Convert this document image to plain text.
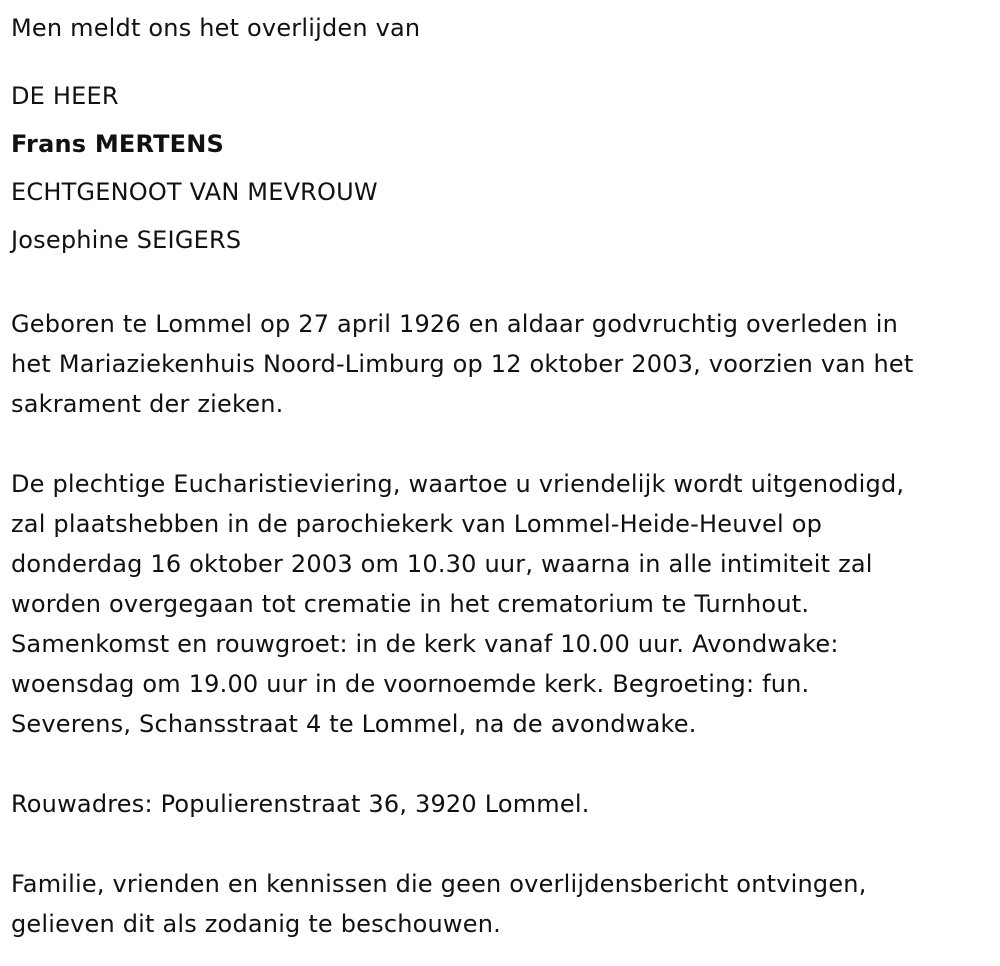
Men meldt ons het overlijden van

DE HEER

Frans MERTENS

ECHTGENOOT VAN MEVROUW

Josephine SEIGERS

Geboren te Lommel op 27 april 1926 en aldaar godvruchtig overleden in
het Mariaziekenhuis Noord-Limburg op 12 oktober 2003, voorzien van het
sakrament der zieken.
De plechtige Eucharistieviering, waartoe u vriendelijk wordt uitgenodigd,
zal plaatshebben in de parochiekerk van Lommel-Heide-Heuvel op
donderdag 16 oktober 2003 om 10.30 uur, waarna in alle intimiteit zal
worden overgegaan tot crematie in het crematorium te Turnhout.
Samenkomst en rouwgroet: in de kerk vanaf 10.00 uur. Avondwake:
woensdag om 19.00 uur in de voornoemde kerk. Begroeting: fun.
Severens, Schansstraat 4 te Lommel, na de avondwake.

Rouwadres: Populierenstraat 36, 3920 Lommel.

Familie, vrienden en kennissen die geen overlijdensbericht ontvingen,
gelieven dit als zodanig te beschouwen.
